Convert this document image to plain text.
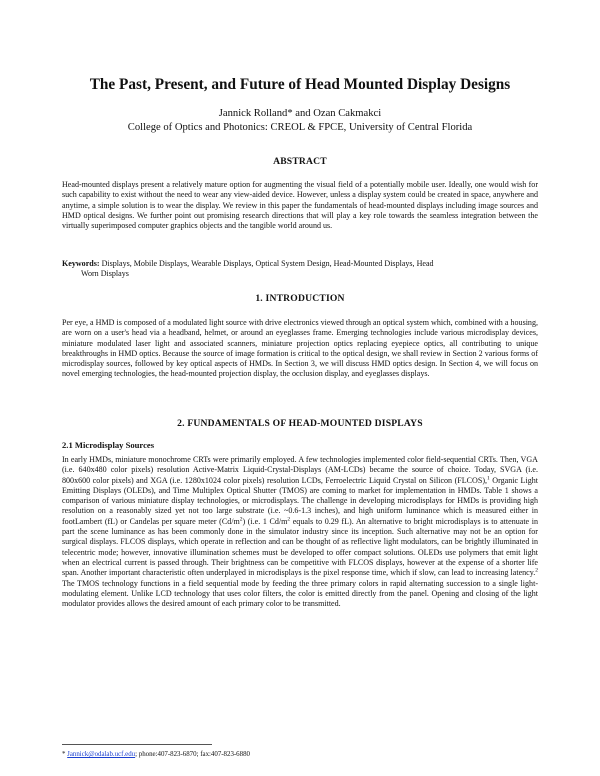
The Past, Present, and Future of Head Mounted Display Designs
Jannick Rolland* and Ozan Cakmakci
College of Optics and Photonics: CREOL & FPCE, University of Central Florida
ABSTRACT
Head-mounted displays present a relatively mature option for augmenting the visual field of a potentially mobile user. Ideally, one would wish for such capability to exist without the need to wear any view-aided device. However, unless a display system could be created in space, anywhere and anytime, a simple solution is to wear the display. We review in this paper the fundamentals of head-mounted displays including image sources and HMD optical designs. We further point out promising research directions that will play a key role towards the seamless integration between the virtually superimposed computer graphics objects and the tangible world around us.
Keywords: Displays, Mobile Displays, Wearable Displays, Optical System Design, Head-Mounted Displays, Head
Worn Displays
1. INTRODUCTION
Per eye, a HMD is composed of a modulated light source with drive electronics viewed through an optical system which, combined with a housing, are worn on a user's head via a headband, helmet, or around an eyeglasses frame. Emerging technologies include various microdisplay devices, miniature modulated laser light and associated scanners, miniature projection optics replacing eyepiece optics, all contributing to unique breakthroughs in HMD optics. Because the source of image formation is critical to the optical design, we shall review in Section 2 various forms of microdisplay sources, followed by key optical aspects of HMDs. In Section 3, we will discuss HMD optics design. In Section 4, we will focus on novel emerging technologies, the head-mounted projection display, the occlusion display, and eyeglasses displays.
2. FUNDAMENTALS OF HEAD-MOUNTED DISPLAYS
2.1 Microdisplay Sources
In early HMDs, miniature monochrome CRTs were primarily employed. A few technologies implemented color field-sequential CRTs. Then, VGA (i.e. 640x480 color pixels) resolution Active-Matrix Liquid-Crystal-Displays (AM-LCDs) became the source of choice. Today, SVGA (i.e. 800x600 color pixels) and XGA (i.e. 1280x1024 color pixels) resolution LCDs, Ferroelectric Liquid Crystal on Silicon (FLCOS),$^1$ Organic Light Emitting Displays (OLEDs), and Time Multiplex Optical Shutter (TMOS) are coming to market for implementation in HMDs. Table 1 shows a comparison of various miniature display technologies, or microdisplays. The challenge in developing microdisplays for HMDs is providing high resolution on a reasonably sized yet not too large substrate (i.e. ~0.6-1.3 inches), and high uniform luminance which is measured either in footLambert (fL) or Candelas per square meter $(Cd/m^2)$ (i.e. 1 $Cd/m^2$ equals to 0.29 fL). An alternative to bright microdisplays is to attenuate in part the scene luminance as has been commonly done in the simulator industry since its inception. Such alternative may not be an option for surgical displays. FLCOS displays, which operate in reflection and can be thought of as reflective light modulators, can be brightly illuminated in telecentric mode; however, innovative illumination schemes must be developed to offer compact solutions. OLEDs use polymers that emit light when an electrical current is passed through. Their brightness can be competitive with FLCOS displays, however at the expense of a shorter life span. Another important characteristic often underplayed in microdisplays is the pixel response time, which if slow, can lead to increasing latency.$^2$ The TMOS technology functions in a field sequential mode by feeding the three primary colors in rapid alternating succession to a single light-modulating element. Unlike LCD technology that uses color filters, the color is emitted directly from the panel. Opening and closing of the light modulator provides allows the desired amount of each primary color to be transmitted.
* Jannick@odalab.ucf.edu; phone:407-823-6870; fax:407-823-6880
